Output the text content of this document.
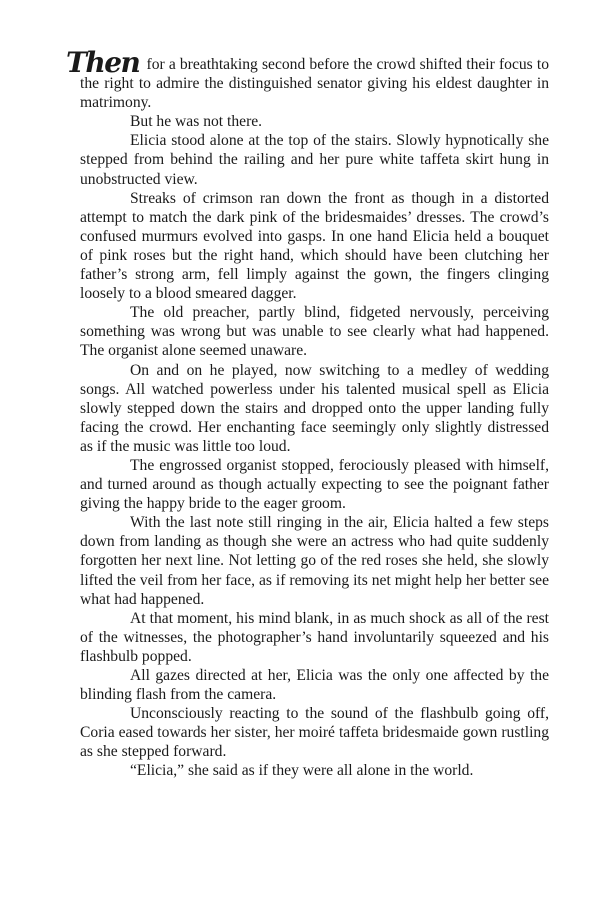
Then for a breathtaking second before the crowd shifted their focus to the right to admire the distinguished senator giving his eldest daughter in matrimony.

But he was not there.

Elicia stood alone at the top of the stairs. Slowly hypnotically she stepped from behind the railing and her pure white taffeta skirt hung in unobstructed view.

Streaks of crimson ran down the front as though in a distorted attempt to match the dark pink of the bridesmaides’ dresses. The crowd’s confused murmurs evolved into gasps. In one hand Elicia held a bouquet of pink roses but the right hand, which should have been clutching her father’s strong arm, fell limply against the gown, the fingers clinging loosely to a blood smeared dagger.

The old preacher, partly blind, fidgeted nervously, perceiving something was wrong but was unable to see clearly what had happened. The organist alone seemed unaware.

On and on he played, now switching to a medley of wedding songs. All watched powerless under his talented musical spell as Elicia slowly stepped down the stairs and dropped onto the upper landing fully facing the crowd. Her enchanting face seemingly only slightly distressed as if the music was little too loud.

The engrossed organist stopped, ferociously pleased with himself, and turned around as though actually expecting to see the poignant father giving the happy bride to the eager groom.

With the last note still ringing in the air, Elicia halted a few steps down from landing as though she were an actress who had quite suddenly forgotten her next line. Not letting go of the red roses she held, she slowly lifted the veil from her face, as if removing its net might help her better see what had happened.

At that moment, his mind blank, in as much shock as all of the rest of the witnesses, the photographer’s hand involuntarily squeezed and his flashbulb popped.

All gazes directed at her, Elicia was the only one affected by the blinding flash from the camera.

Unconsciously reacting to the sound of the flashbulb going off, Coria eased towards her sister, her moiré taffeta bridesmaide gown rustling as she stepped forward.

“Elicia,” she said as if they were all alone in the world.
